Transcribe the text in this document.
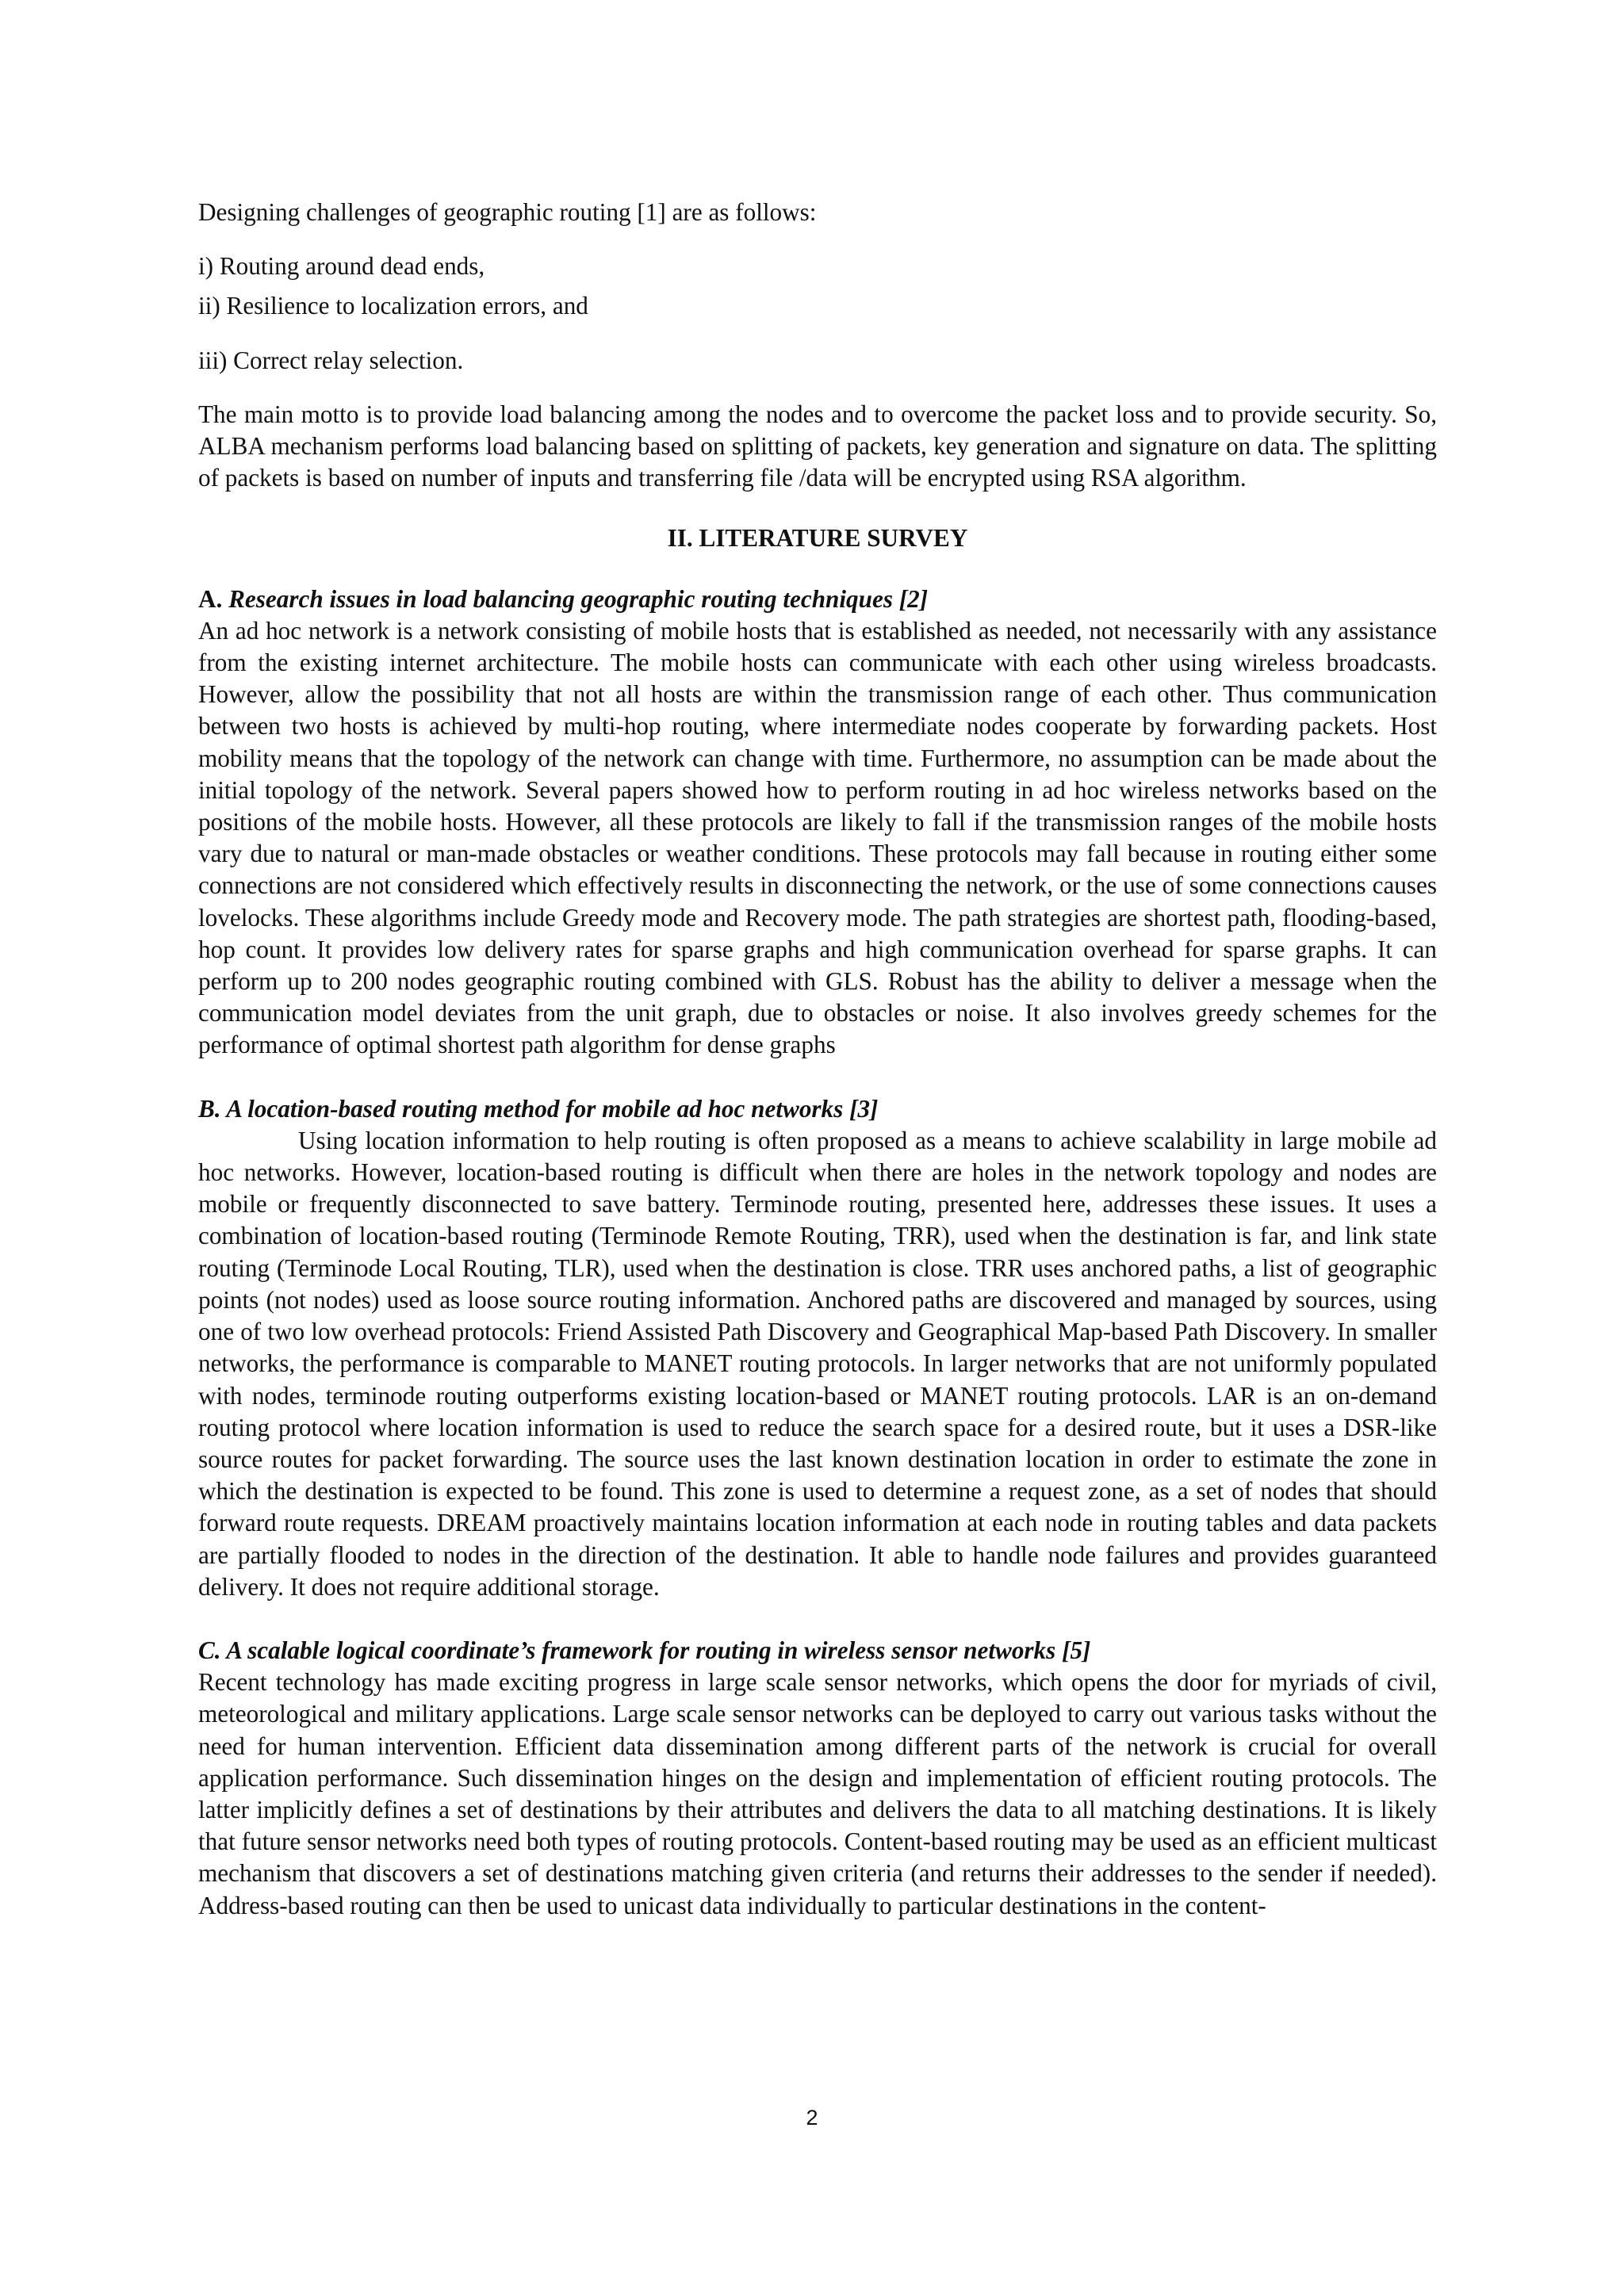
Designing challenges of geographic routing [1] are as follows:

i) Routing around dead ends,

ii) Resilience to localization errors, and

iii) Correct relay selection.

The main motto is to provide load balancing among the nodes and to overcome the packet loss and to provide security. So, ALBA mechanism performs load balancing based on splitting of packets, key generation and signature on data. The splitting of packets is based on number of inputs and transferring file /data will be encrypted using RSA algorithm.

II. LITERATURE SURVEY

A. Research issues in load balancing geographic routing techniques [2]

An ad hoc network is a network consisting of mobile hosts that is established as needed, not necessarily with any assistance from the existing internet architecture. The mobile hosts can communicate with each other using wireless broadcasts. However, allow the possibility that not all hosts are within the transmission range of each other. Thus communication between two hosts is achieved by multi-hop routing, where intermediate nodes cooperate by forwarding packets. Host mobility means that the topology of the network can change with time. Furthermore, no assumption can be made about the initial topology of the network. Several papers showed how to perform routing in ad hoc wireless networks based on the positions of the mobile hosts. However, all these protocols are likely to fall if the transmission ranges of the mobile hosts vary due to natural or man-made obstacles or weather conditions. These protocols may fall because in routing either some connections are not considered which effectively results in disconnecting the network, or the use of some connections causes lovelocks. These algorithms include Greedy mode and Recovery mode. The path strategies are shortest path, flooding-based, hop count. It provides low delivery rates for sparse graphs and high communication overhead for sparse graphs. It can perform up to 200 nodes geographic routing combined with GLS. Robust has the ability to deliver a message when the communication model deviates from the unit graph, due to obstacles or noise. It also involves greedy schemes for the performance of optimal shortest path algorithm for dense graphs

B. A location-based routing method for mobile ad hoc networks [3]

Using location information to help routing is often proposed as a means to achieve scalability in large mobile ad hoc networks. However, location-based routing is difficult when there are holes in the network topology and nodes are mobile or frequently disconnected to save battery. Terminode routing, presented here, addresses these issues. It uses a combination of location-based routing (Terminode Remote Routing, TRR), used when the destination is far, and link state routing (Terminode Local Routing, TLR), used when the destination is close. TRR uses anchored paths, a list of geographic points (not nodes) used as loose source routing information. Anchored paths are discovered and managed by sources, using one of two low overhead protocols: Friend Assisted Path Discovery and Geographical Map-based Path Discovery. In smaller networks, the performance is comparable to MANET routing protocols. In larger networks that are not uniformly populated with nodes, terminode routing outperforms existing location-based or MANET routing protocols. LAR is an on-demand routing protocol where location information is used to reduce the search space for a desired route, but it uses a DSR-like source routes for packet forwarding. The source uses the last known destination location in order to estimate the zone in which the destination is expected to be found. This zone is used to determine a request zone, as a set of nodes that should forward route requests. DREAM proactively maintains location information at each node in routing tables and data packets are partially flooded to nodes in the direction of the destination. It able to handle node failures and provides guaranteed delivery. It does not require additional storage.

C. A scalable logical coordinate’s framework for routing in wireless sensor networks [5]

Recent technology has made exciting progress in large scale sensor networks, which opens the door for myriads of civil, meteorological and military applications. Large scale sensor networks can be deployed to carry out various tasks without the need for human intervention. Efficient data dissemination among different parts of the network is crucial for overall application performance. Such dissemination hinges on the design and implementation of efficient routing protocols. The latter implicitly defines a set of destinations by their attributes and delivers the data to all matching destinations. It is likely that future sensor networks need both types of routing protocols. Content-based routing may be used as an efficient multicast mechanism that discovers a set of destinations matching given criteria (and returns their addresses to the sender if needed). Address-based routing can then be used to unicast data individually to particular destinations in the content-

2
